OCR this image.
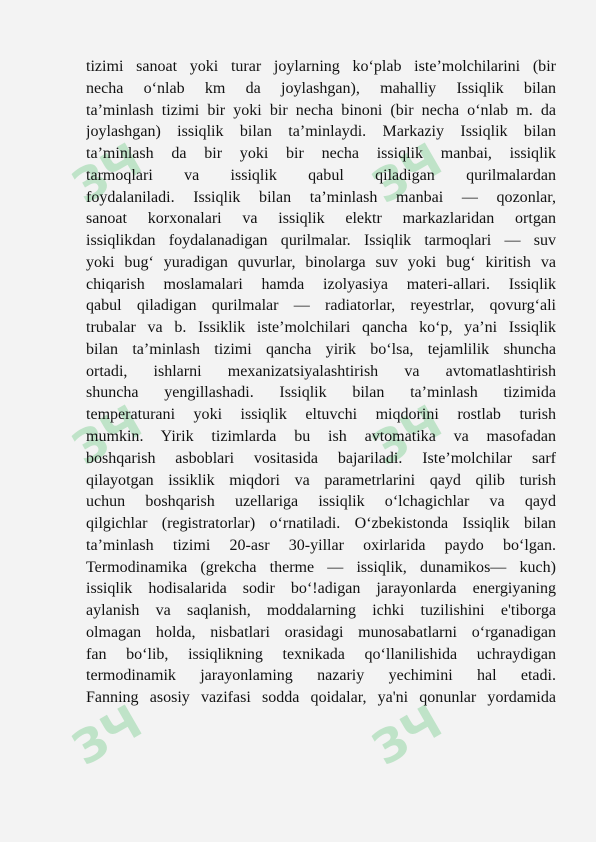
ЗЧ	ЗЧ
ЗЧ	ЗЧ
ЗЧ	ЗЧ
tizimi sanoat yoki turar joylarning ko‘plab iste’molchilarini (bir
necha o‘nlab km da joylashgan), mahalliy Issiqlik bilan
ta’minlash tizimi bir yoki bir necha binoni (bir necha o‘nlab m. da
joylashgan) issiqlik bilan ta’minlaydi. Markaziy Issiqlik bilan
ta’minlash da bir yoki bir necha issiqlik manbai, issiqlik
tarmoqlari va issiqlik qabul qiladigan qurilmalardan
foydalaniladi. Issiqlik bilan ta’minlash manbai — qozonlar,
sanoat korxonalari va issiqlik elektr markazlaridan ortgan
issiqlikdan foydalanadigan qurilmalar. Issiqlik tarmoqlari — suv
yoki bug‘ yuradigan quvurlar, binolarga suv yoki bug‘ kiritish va
chiqarish moslamalari hamda izolyasiya materi-allari. Issiqlik
qabul qiladigan qurilmalar — radiatorlar, reyestrlar, qovurg‘ali
trubalar va b. Issiklik iste’molchilari qancha ko‘p, ya’ni Issiqlik
bilan ta’minlash tizimi qancha yirik bo‘lsa, tejamlilik shuncha
ortadi, ishlarni mexanizatsiyalashtirish va avtomatlashtirish
shuncha yengillashadi. Issiqlik bilan ta’minlash tizimida
temperaturani yoki issiqlik eltuvchi miqdorini rostlab turish
mumkin. Yirik tizimlarda bu ish avtomatika va masofadan
boshqarish asboblari vositasida bajariladi. Iste’molchilar sarf
qilayotgan issiklik miqdori va parametrlarini qayd qilib turish
uchun boshqarish uzellariga issiqlik o‘lchagichlar va qayd
qilgichlar (registratorlar) o‘rnatiladi. O‘zbekistonda Issiqlik bilan
ta’minlash tizimi 20-asr 30-yillar oxirlarida paydo bo‘lgan.
Termodinamika (grekcha therme — issiqlik, dunamikos— kuch)
issiqlik hodisalarida sodir bo‘!adigan jarayonlarda energiyaning
aylanish va saqlanish, moddalarning ichki tuzilishini e'tiborga
olmagan holda, nisbatlari orasidagi munosabatlarni o‘rganadigan
fan bo‘lib, issiqlikning texnikada qo‘llanilishida uchraydigan
termodinamik jarayonlaming nazariy yechimini hal etadi.
Fanning asosiy vazifasi sodda qoidalar, ya'ni qonunlar yordamida
